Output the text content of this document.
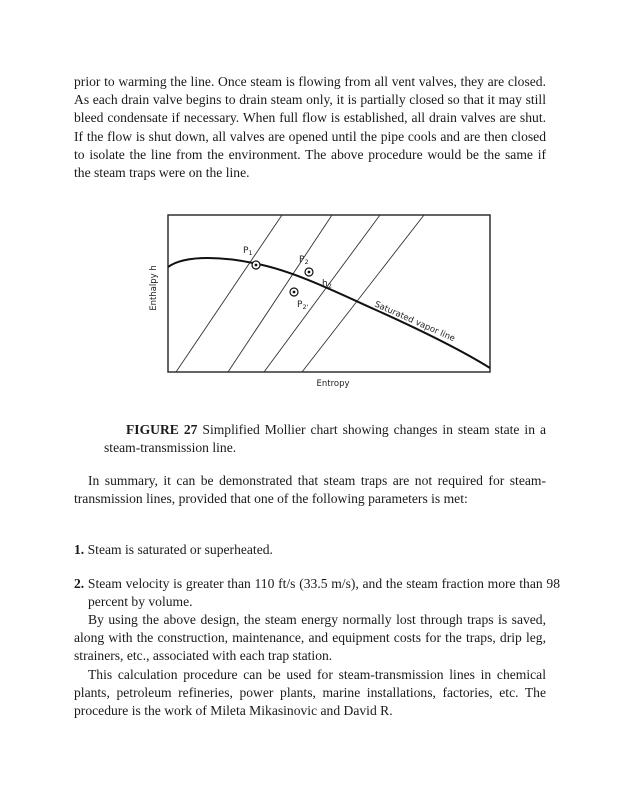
prior to warming the line. Once steam is flowing from all vent valves, they are closed. As each drain valve begins to drain steam only, it is partially closed so that it may still bleed condensate if necessary. When full flow is established, all drain valves are shut. If the flow is shut down, all valves are opened until the pipe cools and are then closed to isolate the line from the environment. The above procedure would be the same if the steam traps were on the line.

$P_1$
$P_2$
$P_{2'}$
$h_2$
Saturated vapor line
Enthalpy h
Entropy

FIGURE 27 Simplified Mollier chart showing changes in steam state in a steam-transmission line.

In summary, it can be demonstrated that steam traps are not required for steam-transmission lines, provided that one of the following parameters is met:

1. Steam is saturated or superheated.

2. Steam velocity is greater than 110 ft/s (33.5 m/s), and the steam fraction more than 98 percent by volume.

By using the above design, the steam energy normally lost through traps is saved, along with the construction, maintenance, and equipment costs for the traps, drip leg, strainers, etc., associated with each trap station.

This calculation procedure can be used for steam-transmission lines in chemical plants, petroleum refineries, power plants, marine installations, factories, etc. The procedure is the work of Mileta Mikasinovic and David R.
